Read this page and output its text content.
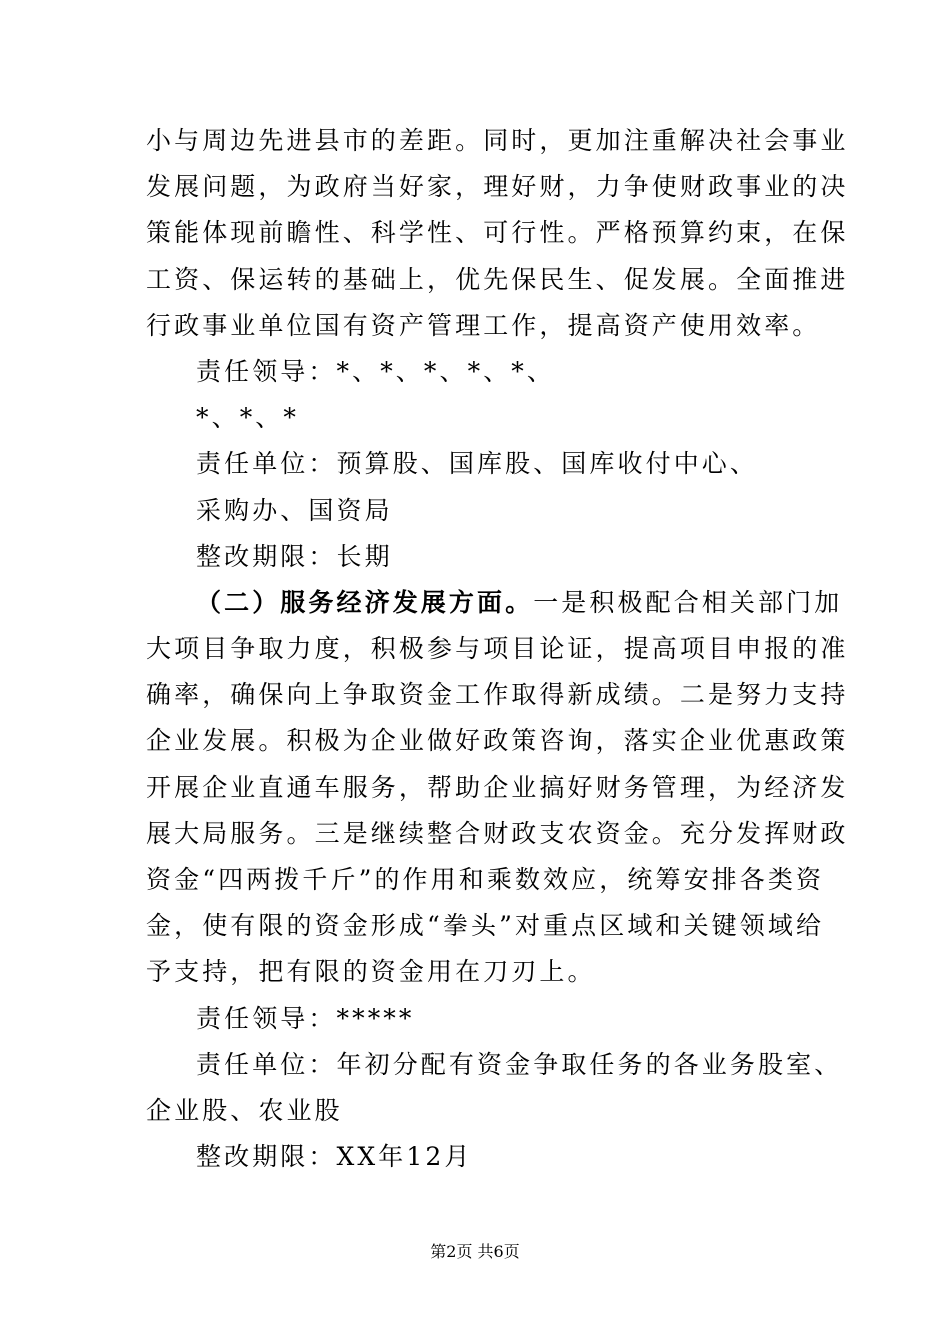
小与周边先进县市的差距。同时，更加注重解决社会事业
发展问题，为政府当好家，理好财，力争使财政事业的决
策能体现前瞻性、科学性、可行性。严格预算约束，在保
工资、保运转的基础上，优先保民生、促发展。全面推进
行政事业单位国有资产管理工作，提高资产使用效率。
责任领导：*、*、*、*、*、
*、*、*
责任单位：预算股、国库股、国库收付中心、
采购办、国资局
整改期限：长期
（二）服务经济发展方面。一是积极配合相关部门加
大项目争取力度，积极参与项目论证，提高项目申报的准
确率，确保向上争取资金工作取得新成绩。二是努力支持
企业发展。积极为企业做好政策咨询，落实企业优惠政策
开展企业直通车服务，帮助企业搞好财务管理，为经济发
展大局服务。三是继续整合财政支农资金。充分发挥财政
资金“四两拨千斤”的作用和乘数效应，统筹安排各类资
金，使有限的资金形成“拳头”对重点区域和关键领域给
予支持，把有限的资金用在刀刃上。
责任领导：*****
责任单位：年初分配有资金争取任务的各业务股室、
企业股、农业股
整改期限：XX年12月
第2页 共6页
